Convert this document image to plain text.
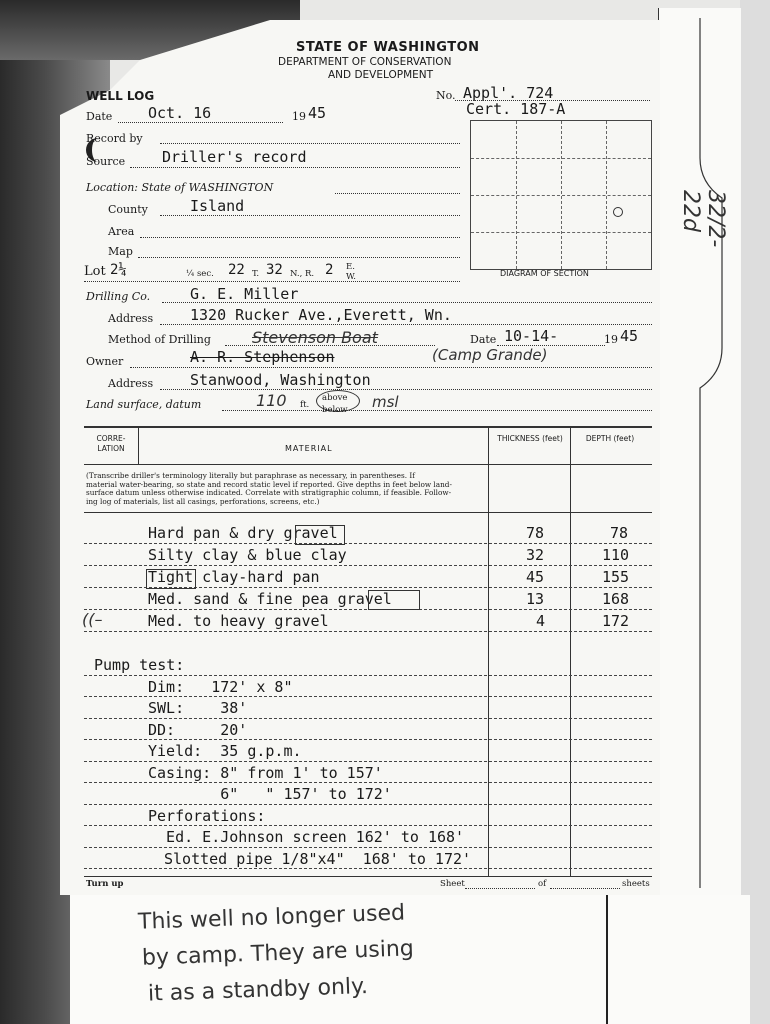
32/2-22d
STATE OF WASHINGTON
DEPARTMENT OF CONSERVATION
AND DEVELOPMENT
WELL LOG
Date Oct. 16	19 45
No. Appl'. 724
Cert. 187-A
Record by
Source Driller's record
Location: State of WASHINGTON
County	Island
Area
Map
Lot 2¼	¼ sec. 22 T. 32 N., R. 2 E.
W.	DIAGRAM OF SECTION
Drilling Co.	G. E. Miller
Address 1320 Rucker Ave.,Everett, Wn.
Method of Drilling	Stevenson Boat	Date 10-14-	19 45
Owner	A. R. Stephenson	(Camp Grande)
Address Stanwood, Washington
Land surface, datum	110 ft.
above
below msl
CORRE-LATION	MATERIAL
THICKNESS (feet)	DEPTH (feet)
(Transcribe driller's terminology literally but paraphrase as necessary, in parentheses. If
material water-bearing, so state and record static level if reported. Give depths in feet below land-
surface datum unless otherwise indicated. Correlate with stratigraphic column, if feasible. Follow-
ing log of materials, list all casings, perforations, screens, etc.)
Hard pan & dry gravel	78	78
Silty clay & blue clay	32	110
Tight clay-hard pan	45	155
Med. sand & fine pea gravel	13	168
((–	Med. to heavy gravel	4	172
Pump test:
Dim:   172' x 8"
SWL:    38'
DD:     20'
Yield:  35 g.p.m.
Casing: 8" from 1' to 157'
6"   " 157' to 172'
Perforations:
Ed. E.Johnson screen 162' to 168'
Slotted pipe 1/8"x4"  168' to 172'
Turn up	Sheet	of	sheets
This well no longer used
by camp. They are using
it as a standby only.
